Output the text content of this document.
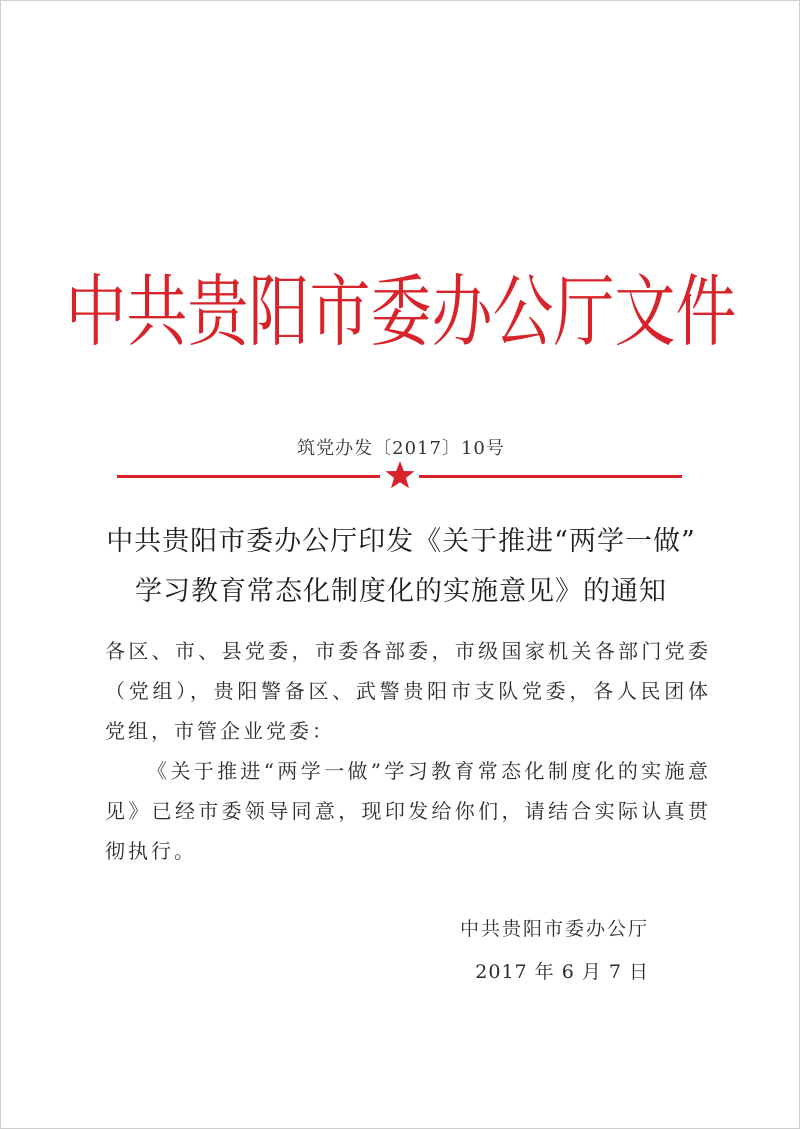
中共贵阳市委办公厅文件
筑党办发〔2017〕10号
中共贵阳市委办公厅印发《关于推进“两学一做”
学习教育常态化制度化的实施意见》的通知
各区、市、县党委，市委各部委，市级国家机关各部门党委（党组），贵阳警备区、武警贵阳市支队党委，各人民团体党组，市管企业党委：
《关于推进“两学一做”学习教育常态化制度化的实施意见》已经市委领导同意，现印发给你们，请结合实际认真贯彻执行。
中共贵阳市委办公厅
2017 年 6 月 7 日
